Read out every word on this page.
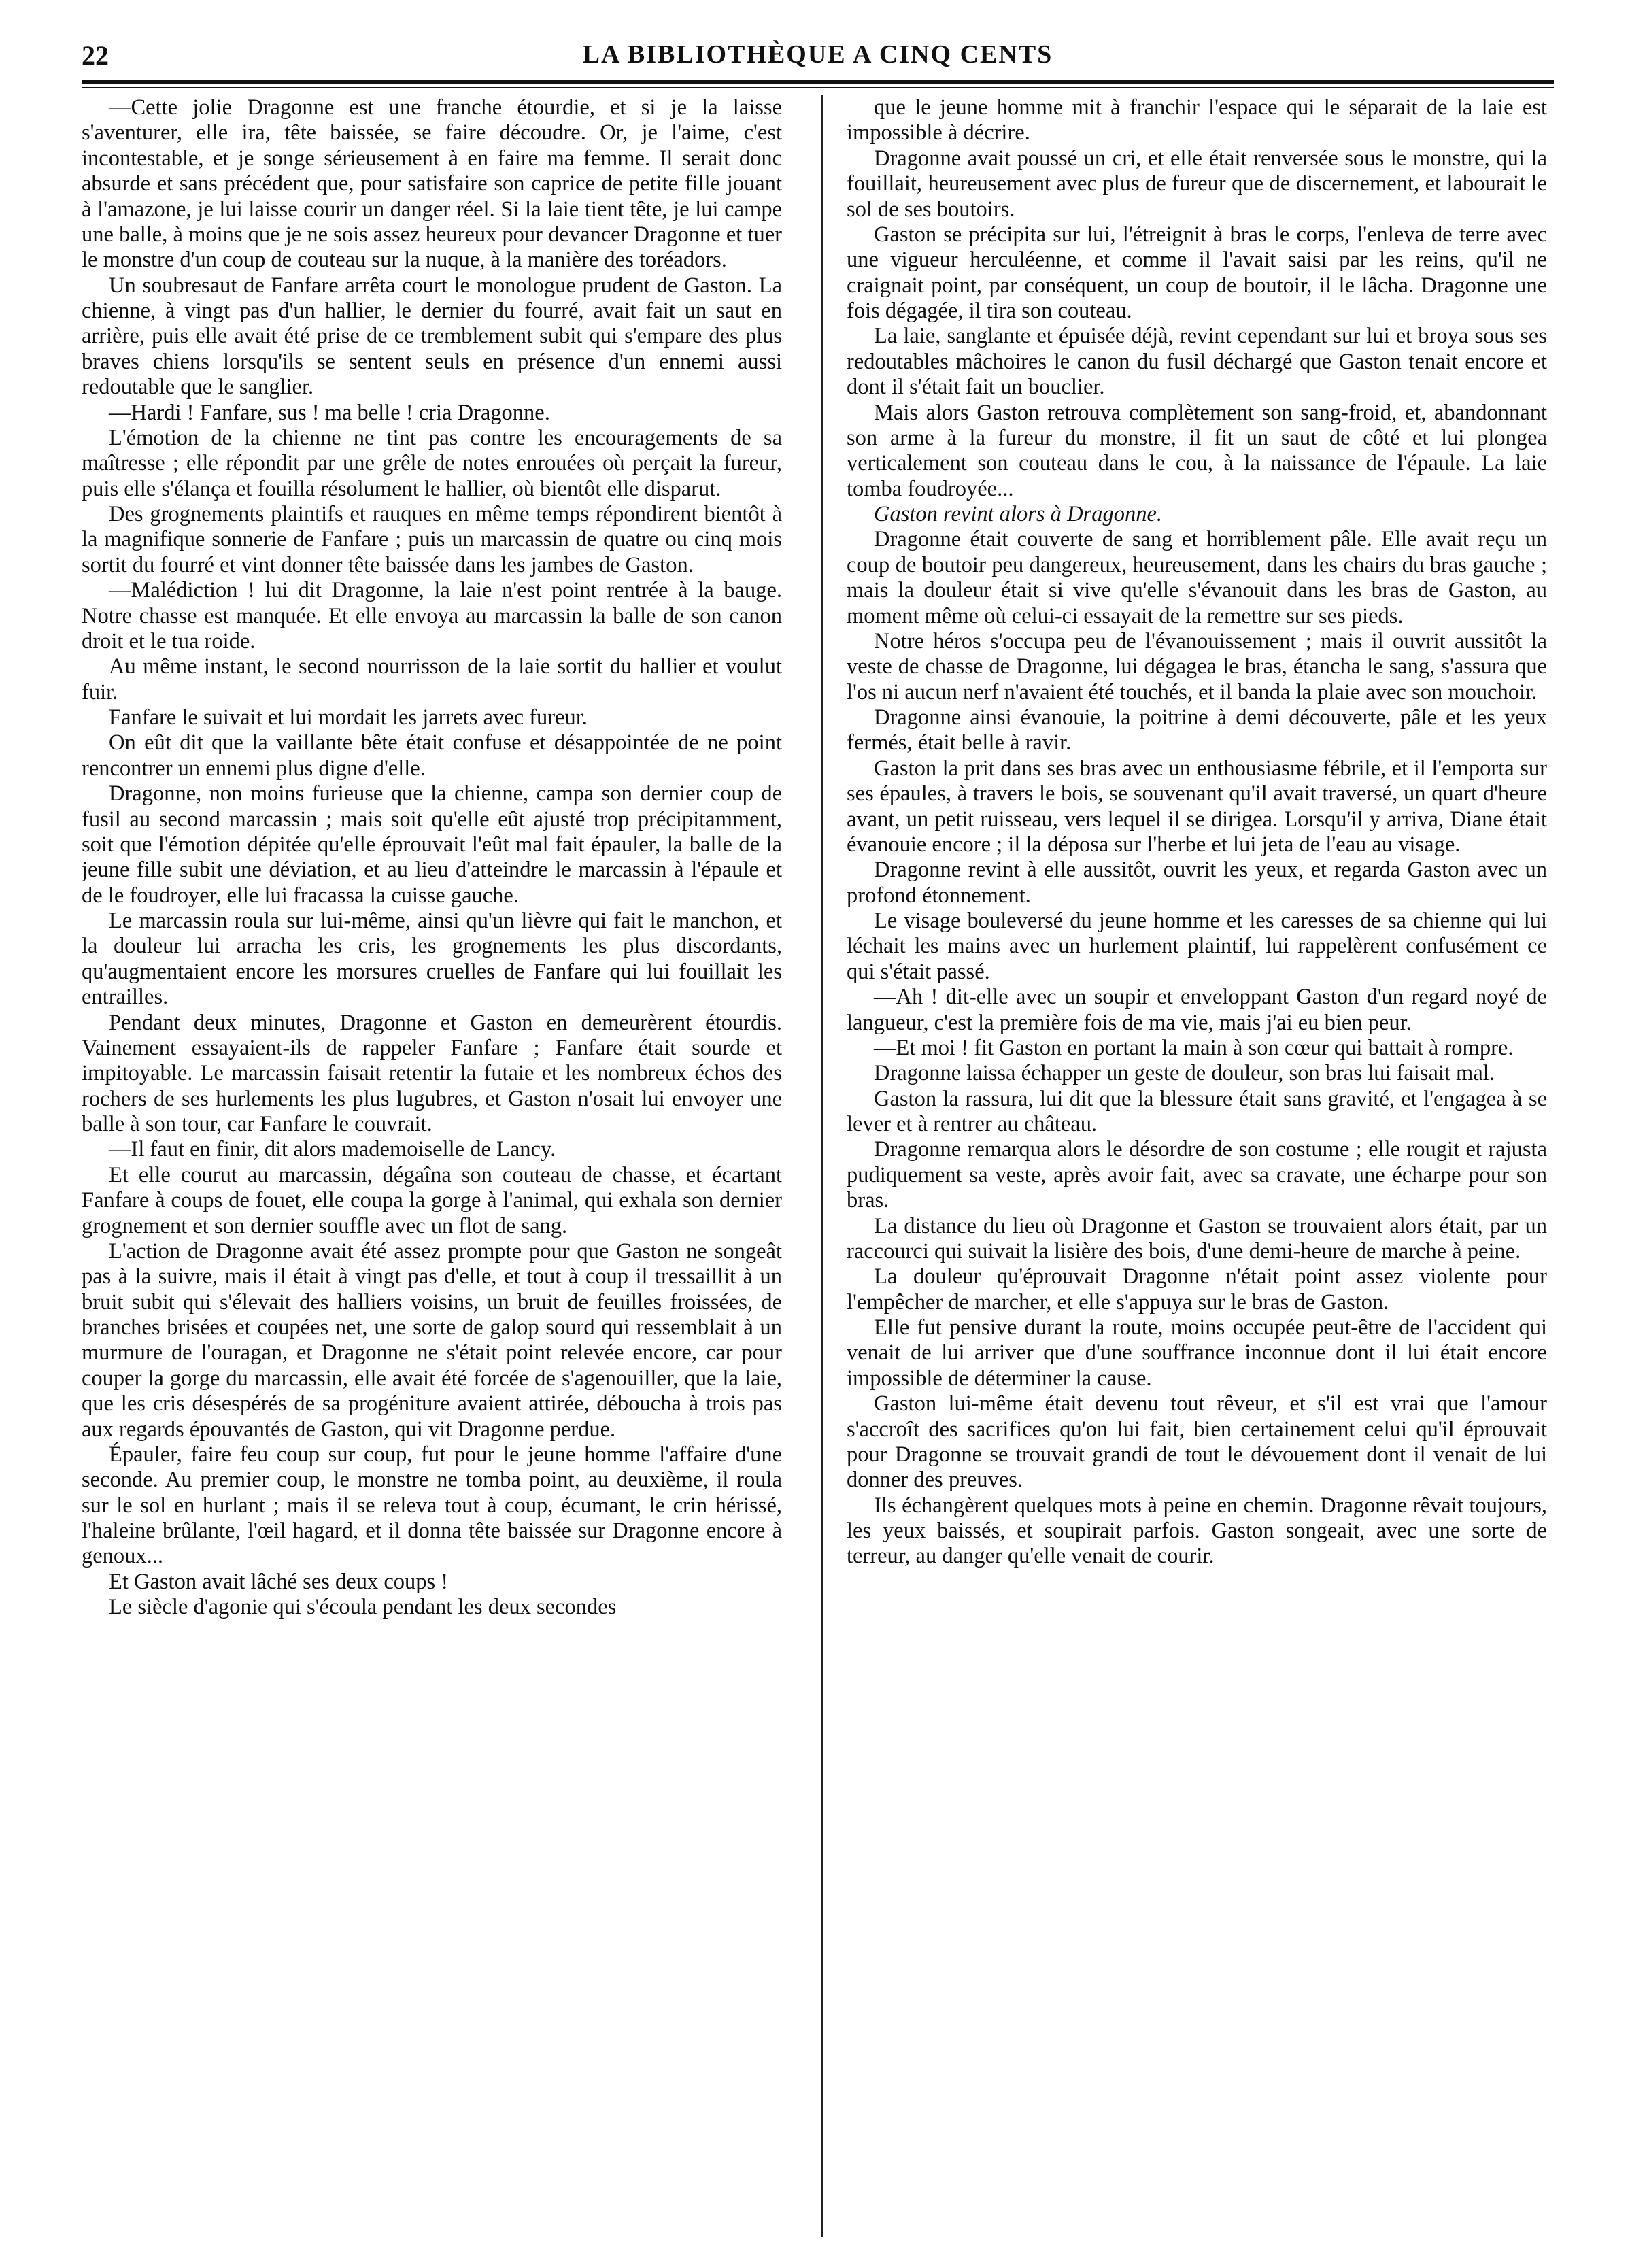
22	LA BIBLIOTHÈQUE A CINQ CENTS

—Cette jolie Dragonne est une franche étourdie, et si je la laisse s'aventurer, elle ira, tête baissée, se faire découdre. Or, je l'aime, c'est incontestable, et je songe sérieusement à en faire ma femme. Il serait donc absurde et sans précédent que, pour satisfaire son caprice de petite fille jouant à l'amazone, je lui laisse courir un danger réel. Si la laie tient tête, je lui campe une balle, à moins que je ne sois assez heureux pour devancer Dragonne et tuer le monstre d'un coup de couteau sur la nuque, à la manière des toréadors.

Un soubresaut de Fanfare arrêta court le monologue prudent de Gaston. La chienne, à vingt pas d'un hallier, le dernier du fourré, avait fait un saut en arrière, puis elle avait été prise de ce tremblement subit qui s'empare des plus braves chiens lorsqu'ils se sentent seuls en présence d'un ennemi aussi redoutable que le sanglier.

—Hardi ! Fanfare, sus ! ma belle ! cria Dragonne.

L'émotion de la chienne ne tint pas contre les encouragements de sa maîtresse ; elle répondit par une grêle de notes enrouées où perçait la fureur, puis elle s'élança et fouilla résolument le hallier, où bientôt elle disparut.

Des grognements plaintifs et rauques en même temps répondirent bientôt à la magnifique sonnerie de Fanfare ; puis un marcassin de quatre ou cinq mois sortit du fourré et vint donner tête baissée dans les jambes de Gaston.

—Malédiction ! lui dit Dragonne, la laie n'est point rentrée à la bauge. Notre chasse est manquée. Et elle envoya au marcassin la balle de son canon droit et le tua roide.

Au même instant, le second nourrisson de la laie sortit du hallier et voulut fuir.

Fanfare le suivait et lui mordait les jarrets avec fureur.

On eût dit que la vaillante bête était confuse et désappointée de ne point rencontrer un ennemi plus digne d'elle.

Dragonne, non moins furieuse que la chienne, campa son dernier coup de fusil au second marcassin ; mais soit qu'elle eût ajusté trop précipitamment, soit que l'émotion dépitée qu'elle éprouvait l'eût mal fait épauler, la balle de la jeune fille subit une déviation, et au lieu d'atteindre le marcassin à l'épaule et de le foudroyer, elle lui fracassa la cuisse gauche.

Le marcassin roula sur lui-même, ainsi qu'un lièvre qui fait le manchon, et la douleur lui arracha les cris, les grognements les plus discordants, qu'augmentaient encore les morsures cruelles de Fanfare qui lui fouillait les entrailles.

Pendant deux minutes, Dragonne et Gaston en demeurèrent étourdis. Vainement essayaient-ils de rappeler Fanfare ; Fanfare était sourde et impitoyable. Le marcassin faisait retentir la futaie et les nombreux échos des rochers de ses hurlements les plus lugubres, et Gaston n'osait lui envoyer une balle à son tour, car Fanfare le couvrait.

—Il faut en finir, dit alors mademoiselle de Lancy.

Et elle courut au marcassin, dégaîna son couteau de chasse, et écartant Fanfare à coups de fouet, elle coupa la gorge à l'animal, qui exhala son dernier grognement et son dernier souffle avec un flot de sang.

L'action de Dragonne avait été assez prompte pour que Gaston ne songeât pas à la suivre, mais il était à vingt pas d'elle, et tout à coup il tressaillit à un bruit subit qui s'élevait des halliers voisins, un bruit de feuilles froissées, de branches brisées et coupées net, une sorte de galop sourd qui ressemblait à un murmure de l'ouragan, et Dragonne ne s'était point relevée encore, car pour couper la gorge du marcassin, elle avait été forcée de s'agenouiller, que la laie, que les cris désespérés de sa progéniture avaient attirée, déboucha à trois pas aux regards épouvantés de Gaston, qui vit Dragonne perdue.

Épauler, faire feu coup sur coup, fut pour le jeune homme l'affaire d'une seconde. Au premier coup, le monstre ne tomba point, au deuxième, il roula sur le sol en hurlant ; mais il se releva tout à coup, écumant, le crin hérissé, l'haleine brûlante, l'œil hagard, et il donna tête baissée sur Dragonne encore à genoux...

Et Gaston avait lâché ses deux coups !

Le siècle d'agonie qui s'écoula pendant les deux secondes

que le jeune homme mit à franchir l'espace qui le séparait de la laie est impossible à décrire.

Dragonne avait poussé un cri, et elle était renversée sous le monstre, qui la fouillait, heureusement avec plus de fureur que de discernement, et labourait le sol de ses boutoirs.

Gaston se précipita sur lui, l'étreignit à bras le corps, l'enleva de terre avec une vigueur herculéenne, et comme il l'avait saisi par les reins, qu'il ne craignait point, par conséquent, un coup de boutoir, il le lâcha. Dragonne une fois dégagée, il tira son couteau.

La laie, sanglante et épuisée déjà, revint cependant sur lui et broya sous ses redoutables mâchoires le canon du fusil déchargé que Gaston tenait encore et dont il s'était fait un bouclier.

Mais alors Gaston retrouva complètement son sang-froid, et, abandonnant son arme à la fureur du monstre, il fit un saut de côté et lui plongea verticalement son couteau dans le cou, à la naissance de l'épaule. La laie tomba foudroyée...

Gaston revint alors à Dragonne.

Dragonne était couverte de sang et horriblement pâle. Elle avait reçu un coup de boutoir peu dangereux, heureusement, dans les chairs du bras gauche ; mais la douleur était si vive qu'elle s'évanouit dans les bras de Gaston, au moment même où celui-ci essayait de la remettre sur ses pieds.

Notre héros s'occupa peu de l'évanouissement ; mais il ouvrit aussitôt la veste de chasse de Dragonne, lui dégagea le bras, étancha le sang, s'assura que l'os ni aucun nerf n'avaient été touchés, et il banda la plaie avec son mouchoir.

Dragonne ainsi évanouie, la poitrine à demi découverte, pâle et les yeux fermés, était belle à ravir.

Gaston la prit dans ses bras avec un enthousiasme fébrile, et il l'emporta sur ses épaules, à travers le bois, se souvenant qu'il avait traversé, un quart d'heure avant, un petit ruisseau, vers lequel il se dirigea. Lorsqu'il y arriva, Diane était évanouie encore ; il la déposa sur l'herbe et lui jeta de l'eau au visage.

Dragonne revint à elle aussitôt, ouvrit les yeux, et regarda Gaston avec un profond étonnement.

Le visage bouleversé du jeune homme et les caresses de sa chienne qui lui léchait les mains avec un hurlement plaintif, lui rappelèrent confusément ce qui s'était passé.

—Ah ! dit-elle avec un soupir et enveloppant Gaston d'un regard noyé de langueur, c'est la première fois de ma vie, mais j'ai eu bien peur.

—Et moi ! fit Gaston en portant la main à son cœur qui battait à rompre.

Dragonne laissa échapper un geste de douleur, son bras lui faisait mal.

Gaston la rassura, lui dit que la blessure était sans gravité, et l'engagea à se lever et à rentrer au château.

Dragonne remarqua alors le désordre de son costume ; elle rougit et rajusta pudiquement sa veste, après avoir fait, avec sa cravate, une écharpe pour son bras.

La distance du lieu où Dragonne et Gaston se trouvaient alors était, par un raccourci qui suivait la lisière des bois, d'une demi-heure de marche à peine.

La douleur qu'éprouvait Dragonne n'était point assez violente pour l'empêcher de marcher, et elle s'appuya sur le bras de Gaston.

Elle fut pensive durant la route, moins occupée peut-être de l'accident qui venait de lui arriver que d'une souffrance inconnue dont il lui était encore impossible de déterminer la cause.

Gaston lui-même était devenu tout rêveur, et s'il est vrai que l'amour s'accroît des sacrifices qu'on lui fait, bien certainement celui qu'il éprouvait pour Dragonne se trouvait grandi de tout le dévouement dont il venait de lui donner des preuves.

Ils échangèrent quelques mots à peine en chemin. Dragonne rêvait toujours, les yeux baissés, et soupirait parfois. Gaston songeait, avec une sorte de terreur, au danger qu'elle venait de courir.
